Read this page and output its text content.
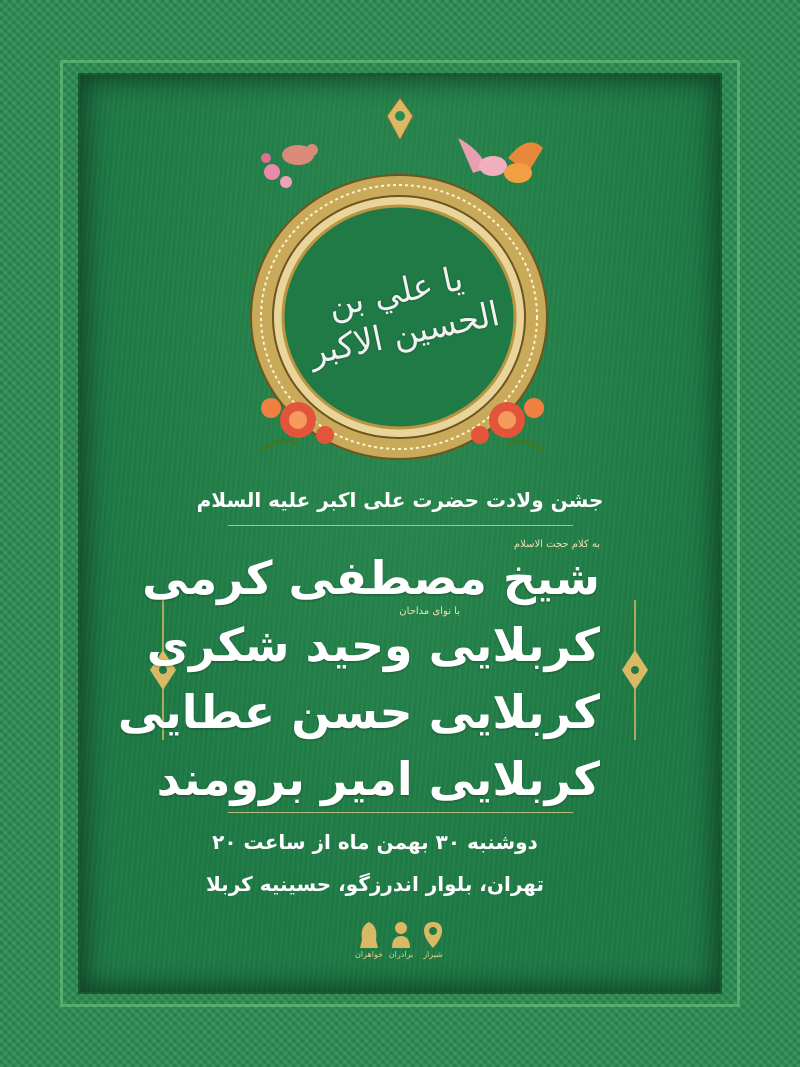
يا علي بن الحسين الاكبر
جشن ولادت حضرت علی اکبر علیه السلام
به کلام حجت الاسلام
شیخ مصطفی کرمی
با نوای مداحان
کربلایی وحید شکری
کربلایی حسن عطایی
کربلایی امیر برومند
دوشنبه ۳۰ بهمن ماه از ساعت ۲۰
تهران، بلوار اندرزگو، حسینیه کربلا
خواهران برادران شیراز
